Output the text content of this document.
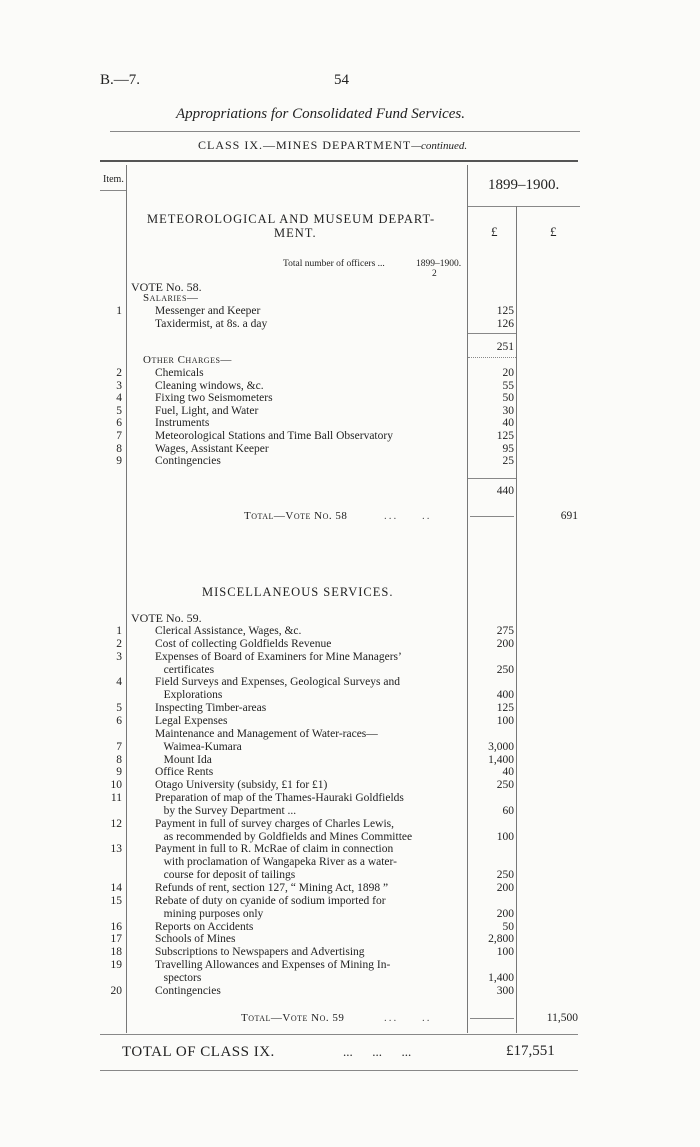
B.—7.	54
Appropriations for Consolidated Fund Services.
CLASS IX.—MINES DEPARTMENT—continued.
Item.	1899–1900.
£	£
METEOROLOGICAL AND MUSEUM DEPART-
MENT.
Total number of officers ...	1899–1900.
2
VOTE No. 58.
Salaries—
1	Messenger and Keeper	125
Taxidermist, at 8s. a day	126
251
Other Charges—
2	Chemicals	20
3	Cleaning windows, &c.	55
4	Fixing two Seismometers	50
5	Fuel, Light, and Water	30
6	Instruments	40
7	Meteorological Stations and Time Ball Observatory	125
8	Wages, Assistant Keeper	95
9	Contingencies	25
440
Total—Vote No. 58	...     ..	691
MISCELLANEOUS SERVICES.
VOTE No. 59.
1	Clerical Assistance, Wages, &c.	275
2	Cost of collecting Goldfields Revenue	200
3	Expenses of Board of Examiners for Mine Managers’
certificates	250
4	Field Surveys and Expenses, Geological Surveys and
Explorations	400
5	Inspecting Timber-areas	125
6	Legal Expenses	100
Maintenance and Management of Water-races—
7	Waimea-Kumara	3,000
8	Mount Ida	1,400
9	Office Rents	40
10	Otago University (subsidy, £1 for £1)	250
11	Preparation of map of the Thames-Hauraki Goldfields
by the Survey Department ...	60
12	Payment in full of survey charges of Charles Lewis,
as recommended by Goldfields and Mines Committee	100
13	Payment in full to R. McRae of claim in connection
with proclamation of Wangapeka River as a water-
course for deposit of tailings	250
14	Refunds of rent, section 127, “ Mining Act, 1898 ”	200
15	Rebate of duty on cyanide of sodium imported for
mining purposes only	200
16	Reports on Accidents	50
17	Schools of Mines	2,800
18	Subscriptions to Newspapers and Advertising	100
19	Travelling Allowances and Expenses of Mining In-
spectors	1,400
20	Contingencies	300
Total—Vote No. 59	...     ..	11,500
TOTAL OF CLASS IX.	...      ...      ...	£17,551
